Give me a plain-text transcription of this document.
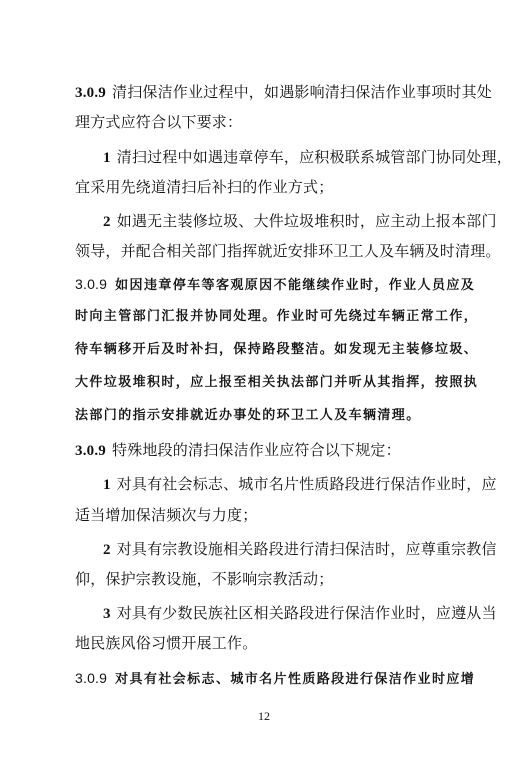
3.0.9 清扫保洁作业过程中，如遇影响清扫保洁作业事项时其处
理方式应符合以下要求：
1 清扫过程中如遇违章停车，应积极联系城管部门协同处理，
宜采用先绕道清扫后补扫的作业方式；
2 如遇无主装修垃圾、大件垃圾堆积时，应主动上报本部门
领导，并配合相关部门指挥就近安排环卫工人及车辆及时清理。
3.0.9 如因违章停车等客观原因不能继续作业时，作业人员应及
时向主管部门汇报并协同处理。作业时可先绕过车辆正常工作，
待车辆移开后及时补扫，保持路段整洁。如发现无主装修垃圾、
大件垃圾堆积时，应上报至相关执法部门并听从其指挥，按照执
法部门的指示安排就近办事处的环卫工人及车辆清理。
3.0.9 特殊地段的清扫保洁作业应符合以下规定：
1 对具有社会标志、城市名片性质路段进行保洁作业时，应
适当增加保洁频次与力度；
2 对具有宗教设施相关路段进行清扫保洁时，应尊重宗教信
仰，保护宗教设施，不影响宗教活动；
3 对具有少数民族社区相关路段进行保洁作业时，应遵从当
地民族风俗习惯开展工作。
3.0.9 对具有社会标志、城市名片性质路段进行保洁作业时应增
12
